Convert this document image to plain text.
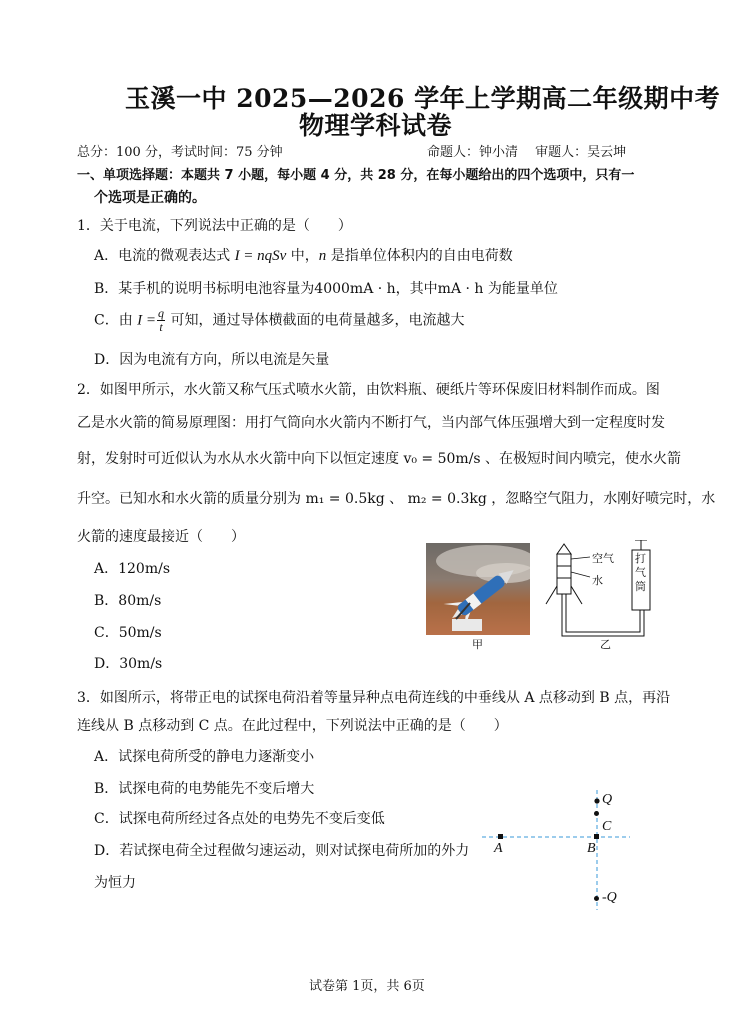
玉溪一中 2025—2026 学年上学期高二年级期中考
物理学科试卷
总分：100 分，考试时间：75 分钟	命题人：钟小清　 审题人：吴云坤
一、单项选择题：本题共 7 小题，每小题 4 分，共 28 分，在每小题给出的四个选项中，只有一
个选项是正确的。
1．关于电流，下列说法中正确的是（　　）
A．电流的微观表达式 I = nqSv 中，n 是指单位体积内的自由电荷数
B．某手机的说明书标明电池容量为4000mA · h，其中mA · h 为能量单位
C．由 $I = \frac{q}{t}$ 可知，通过导体横截面的电荷量越多，电流越大
D．因为电流有方向，所以电流是矢量
2．如图甲所示，水火箭又称气压式喷水火箭，由饮料瓶、硬纸片等环保废旧材料制作而成。图
乙是水火箭的简易原理图：用打气筒向水火箭内不断打气，当内部气体压强增大到一定程度时发
射，发射时可近似认为水从水火箭中向下以恒定速度 v₀ = 50m/s 、在极短时间内喷完，使水火箭
升空。已知水和水火箭的质量分别为 m₁ = 0.5kg 、 m₂ = 0.3kg ，忽略空气阻力，水刚好喷完时，水
火箭的速度最接近（　　）
A．120m/s
B．80m/s
C．50m/s
D．30m/s
甲
空气
水
打气筒
乙
3．如图所示，将带正电的试探电荷沿着等量异种点电荷连线的中垂线从 A 点移动到 B 点，再沿
连线从 B 点移动到 C 点。在此过程中，下列说法中正确的是（　　）
A．试探电荷所受的静电力逐渐变小
B．试探电荷的电势能先不变后增大
C．试探电荷所经过各点处的电势先不变后变低
D．若试探电荷全过程做匀速运动，则对试探电荷所加的外力
为恒力
Q
C
A	B
-Q
试卷第 1页，共 6页
